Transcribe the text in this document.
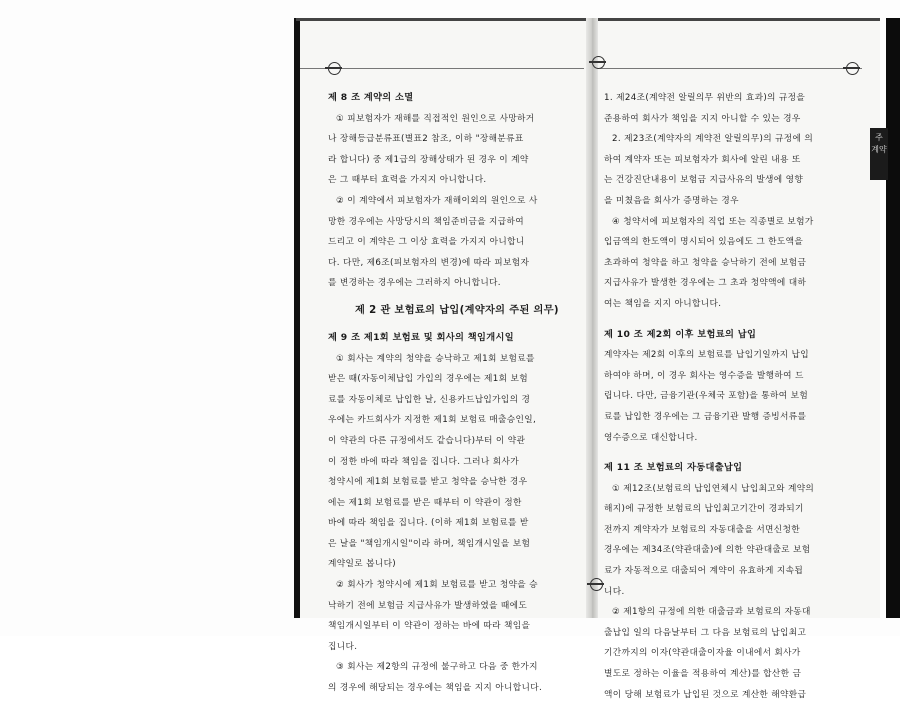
주
계약
제 8 조 계약의 소멸
① 피보험자가 재해를 직접적인 원인으로 사망하거
나 장해등급분류표(별표2 참조, 이하 "장해분류표
라 합니다) 중 제1급의 장해상태가 된 경우 이 계약
은 그 때부터 효력을 가지지 아니합니다.
② 이 계약에서 피보험자가 재해이외의 원인으로 사
망한 경우에는 사망당시의 책임준비금을 지급하여
드리고 이 계약은 그 이상 효력을 가지지 아니합니
다. 다만, 제6조(피보험자의 변경)에 따라 피보험자
를 변경하는 경우에는 그러하지 아니합니다.
제 2 관 보험료의 납입(계약자의 주된 의무)
제 9 조 제1회 보험료 및 회사의 책임개시일
① 회사는 계약의 청약을 승낙하고 제1회 보험료를
받은 때(자동이체납입 가입의 경우에는 제1회 보험
료를 자동이체로 납입한 날, 신용카드납입가입의 경
우에는 카드회사가 지정한 제1회 보험료 매출승인일,
이 약관의 다른 규정에서도 같습니다)부터 이 약관
이 정한 바에 따라 책임을 집니다. 그러나 회사가
청약시에 제1회 보험료를 받고 청약을 승낙한 경우
에는 제1회 보험료를 받은 때부터 이 약관이 정한
바에 따라 책임을 집니다. (이하 제1회 보험료를 받
은 날을 "책임개시일"이라 하며, 책임개시일을 보험
계약일로 봅니다)
② 회사가 청약시에 제1회 보험료를 받고 청약을 승
낙하기 전에 보험금 지급사유가 발생하였을 때에도
책임개시일부터 이 약관이 정하는 바에 따라 책임을
집니다.
③ 회사는 제2항의 규정에 불구하고 다음 중 한가지
의 경우에 해당되는 경우에는 책임을 지지 아니합니다.
1. 제24조(계약전 알릴의무 위반의 효과)의 규정을
준용하여 회사가 책임을 지지 아니할 수 있는 경우
2. 제23조(계약자의 계약전 알릴의무)의 규정에 의
하여 계약자 또는 피보험자가 회사에 알린 내용 또
는 건강진단내용이 보험금 지급사유의 발생에 영향
을 미쳤음을 회사가 증명하는 경우
④ 청약서에 피보험자의 직업 또는 직종별로 보험가
입금액의 한도액이 명시되어 있음에도 그 한도액을
초과하여 청약을 하고 청약을 승낙하기 전에 보험금
지급사유가 발생한 경우에는 그 초과 청약액에 대하
여는 책임을 지지 아니합니다.
제 10 조 제2회 이후 보험료의 납입
계약자는 제2회 이후의 보험료를 납입기일까지 납입
하여야 하며, 이 경우 회사는 영수증을 발행하여 드
립니다. 다만, 금융기관(우체국 포함)을 통하여 보험
료를 납입한 경우에는 그 금융기관 발행 증빙서류를
영수증으로 대신합니다.
제 11 조 보험료의 자동대출납입
① 제12조(보험료의 납입연체시 납입최고와 계약의
해지)에 규정한 보험료의 납입최고기간이 경과되기
전까지 계약자가 보험료의 자동대출을 서면신청한
경우에는 제34조(약관대출)에 의한 약관대출로 보험
료가 자동적으로 대출되어 계약이 유효하게 지속됩
니다.
② 제1항의 규정에 의한 대출금과 보험료의 자동대
출납입 일의 다음날부터 그 다음 보험료의 납입최고
기간까지의 이자(약관대출이자율 이내에서 회사가
별도로 정하는 이율을 적용하여 계산)를 합산한 금
액이 당해 보험료가 납입된 것으로 계산한 해약환급
